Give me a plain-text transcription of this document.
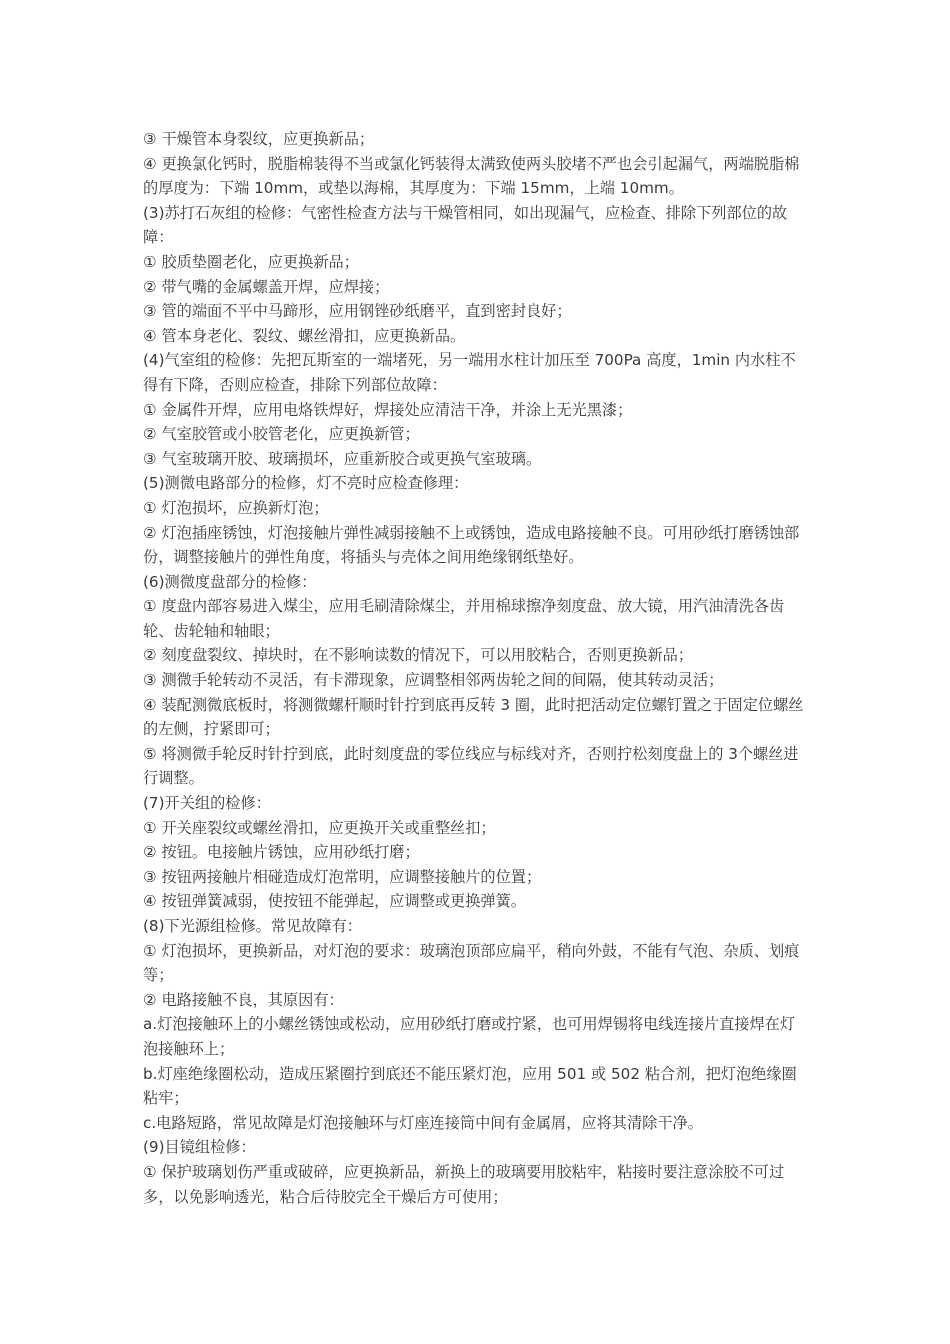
③ 干燥管本身裂纹，应更换新品；

④ 更换氯化钙时，脱脂棉装得不当或氯化钙装得太满致使两头胶堵不严也会引起漏气，两端脱脂棉的厚度为：下端 10mm，或垫以海棉，其厚度为：下端 15mm，上端 10mm。

(3)苏打石灰组的检修：气密性检查方法与干燥管相同，如出现漏气，应检查、排除下列部位的故障：

① 胶质垫圈老化，应更换新品；

② 带气嘴的金属螺盖开焊，应焊接；

③ 管的端面不平中马蹄形，应用钢锉砂纸磨平，直到密封良好；

④ 管本身老化、裂纹、螺丝滑扣，应更换新品。

(4)气室组的检修：先把瓦斯室的一端堵死，另一端用水柱计加压至 700Pa 高度，1min 内水柱不得有下降，否则应检查，排除下列部位故障：

① 金属件开焊，应用电烙铁焊好，焊接处应清洁干净，并涂上无光黑漆；

② 气室胶管或小胶管老化，应更换新管；

③ 气室玻璃开胶、玻璃损坏，应重新胶合或更换气室玻璃。

(5)测微电路部分的检修，灯不亮时应检查修理：

① 灯泡损坏，应换新灯泡；

② 灯泡插座锈蚀，灯泡接触片弹性减弱接触不上或锈蚀，造成电路接触不良。可用砂纸打磨锈蚀部份，调整接触片的弹性角度，将插头与壳体之间用绝缘钢纸垫好。

(6)测微度盘部分的检修：

① 度盘内部容易进入煤尘，应用毛刷清除煤尘，并用棉球擦净刻度盘、放大镜，用汽油清洗各齿轮、齿轮轴和轴眼；

② 刻度盘裂纹、掉块时，在不影响读数的情况下，可以用胶粘合，否则更换新品；

③ 测微手轮转动不灵活，有卡滞现象，应调整相邻两齿轮之间的间隔，使其转动灵活；

④ 装配测微底板时，将测微螺杆顺时针拧到底再反转 3 圈，此时把活动定位螺钉置之于固定位螺丝的左侧，拧紧即可；

⑤ 将测微手轮反时针拧到底，此时刻度盘的零位线应与标线对齐，否则拧松刻度盘上的 3个螺丝进行调整。

(7)开关组的检修：

① 开关座裂纹或螺丝滑扣，应更换开关或重整丝扣；

② 按钮。电接触片锈蚀，应用砂纸打磨；

③ 按钮两接触片相碰造成灯泡常明，应调整接触片的位置；

④ 按钮弹簧减弱，使按钮不能弹起，应调整或更换弹簧。

(8)下光源组检修。常见故障有：

① 灯泡损坏，更换新品，对灯泡的要求：玻璃泡顶部应扁平，稍向外鼓，不能有气泡、杂质、划痕等；

② 电路接触不良，其原因有：

a.灯泡接触环上的小螺丝锈蚀或松动，应用砂纸打磨或拧紧，也可用焊锡将电线连接片直接焊在灯泡接触环上；

b.灯座绝缘圈松动，造成压紧圈拧到底还不能压紧灯泡，应用 501 或 502 粘合剂，把灯泡绝缘圈粘牢；

c.电路短路，常见故障是灯泡接触环与灯座连接筒中间有金属屑，应将其清除干净。

(9)目镜组检修：

① 保护玻璃划伤严重或破碎，应更换新品，新换上的玻璃要用胶粘牢，粘接时要注意涂胶不可过多，以免影响透光，粘合后待胶完全干燥后方可使用；
